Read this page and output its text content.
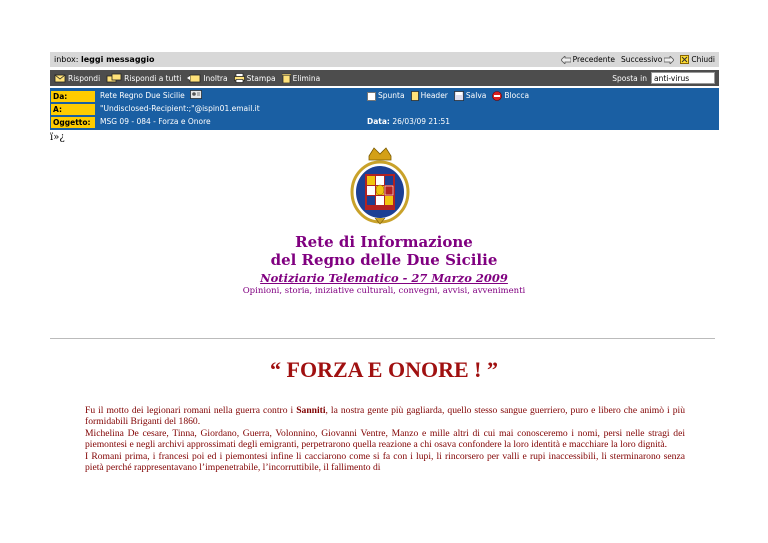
inbox: leggi messaggio	Precedente Successivo	Chiudi
Rispondi	Rispondi a tutti	Inoltra	Stampa Elimina	Sposta in anti-virus
Da:	Rete Regno Due Sicilie	Spunta Header Salva Blocca
A:	"Undisclosed-Recipient:;"@ispin01.email.it
Oggetto:	MSG 09 - 084 - Forza e Onore	Data: 26/03/09 21:51
ï»¿
Rete di Informazione
del Regno delle Due Sicilie
Notiziario Telematico - 27 Marzo 2009
Opinioni, storia, iniziative culturali, convegni, avvisi, avvenimenti
“ FORZA E ONORE ! ”

Fu il motto dei legionari romani nella guerra contro i Sanniti, la nostra gente più gagliarda, quello stesso sangue guerriero, puro e libero che animò i più formidabili Briganti del 1860.

Michelina De cesare, Tinna, Giordano, Guerra, Volonnino, Giovanni Ventre, Manzo e mille altri di cui mai conosceremo i nomi, persi nelle stragi dei piemontesi e negli archivi approssimati degli emigranti, perpetrarono quella reazione a chi osava confondere la loro identità e macchiare la loro dignità.

I Romani prima, i francesi poi ed i piemontesi infine li cacciarono come si fa con i lupi, li rincorsero per valli e rupi inaccessibili, li sterminarono senza pietà perché rappresentavano l’impenetrabile, l’incorruttibile, il fallimento di
